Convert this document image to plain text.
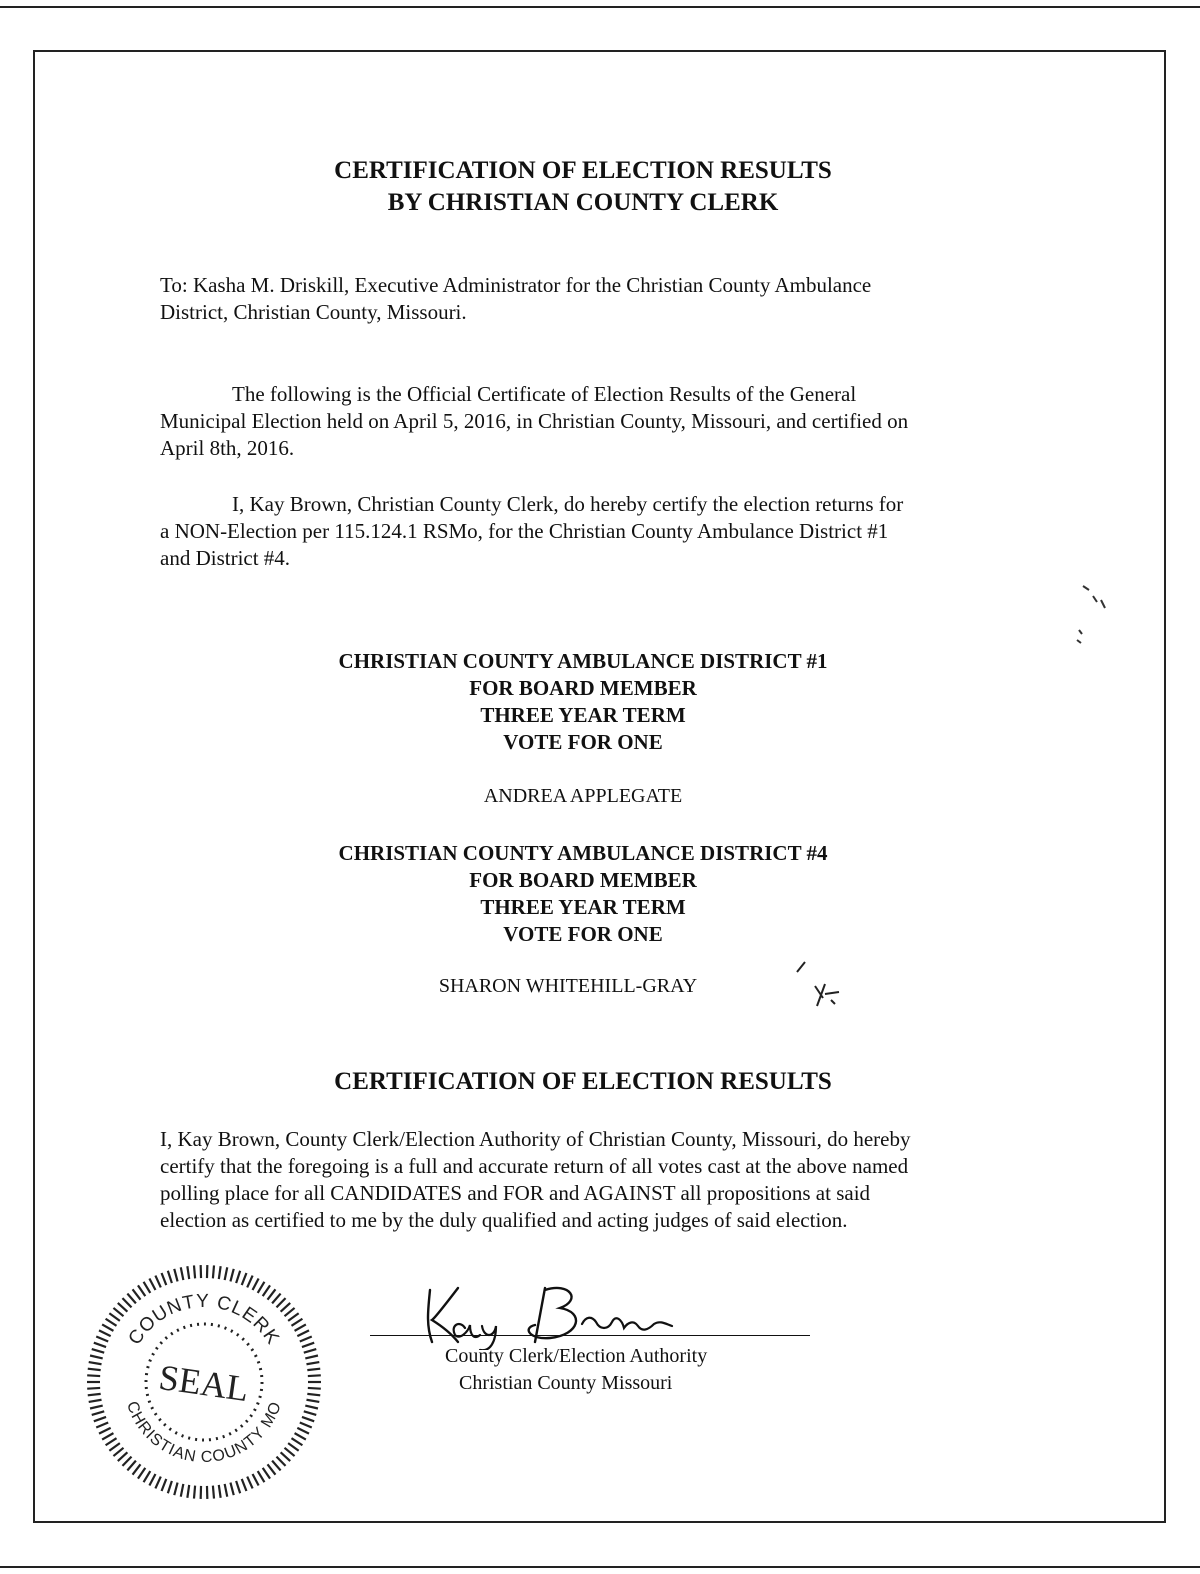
CERTIFICATION OF ELECTION RESULTS
BY CHRISTIAN COUNTY CLERK
To: Kasha M. Driskill, Executive Administrator for the Christian County Ambulance
District, Christian County, Missouri.
The following is the Official Certificate of Election Results of the General
Municipal Election held on April 5, 2016, in Christian County, Missouri, and certified on
April 8th, 2016.
I, Kay Brown, Christian County Clerk, do hereby certify the election returns for
a NON-Election per 115.124.1 RSMo, for the Christian County Ambulance District #1
and District #4.
CHRISTIAN COUNTY AMBULANCE DISTRICT #1
FOR BOARD MEMBER
THREE YEAR TERM
VOTE FOR ONE
ANDREA APPLEGATE
CHRISTIAN COUNTY AMBULANCE DISTRICT #4
FOR BOARD MEMBER
THREE YEAR TERM
VOTE FOR ONE
SHARON WHITEHILL-GRAY
CERTIFICATION OF ELECTION RESULTS
I, Kay Brown, County Clerk/Election Authority of Christian County, Missouri, do hereby
certify that the foregoing is a full and accurate return of all votes cast at the above named
polling place for all CANDIDATES and FOR and AGAINST all propositions at said
election as certified to me by the duly qualified and acting judges of said election.
COUNTY CLERK
CHRISTIAN COUNTY MO
SEAL
County Clerk/Election Authority
Christian County Missouri
